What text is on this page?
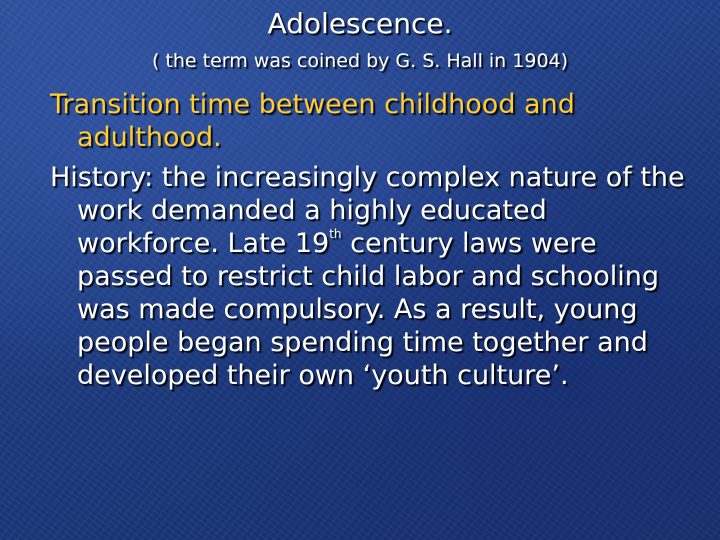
Adolescence.
( the term was coined by G. S. Hall in 1904)

Transition time between childhood and adulthood.

History: the increasingly complex nature of the work demanded a highly educated workforce. Late 19th century laws were passed to restrict child labor and schooling was made compulsory. As a result, young people began spending time together and developed their own ‘youth culture’.
